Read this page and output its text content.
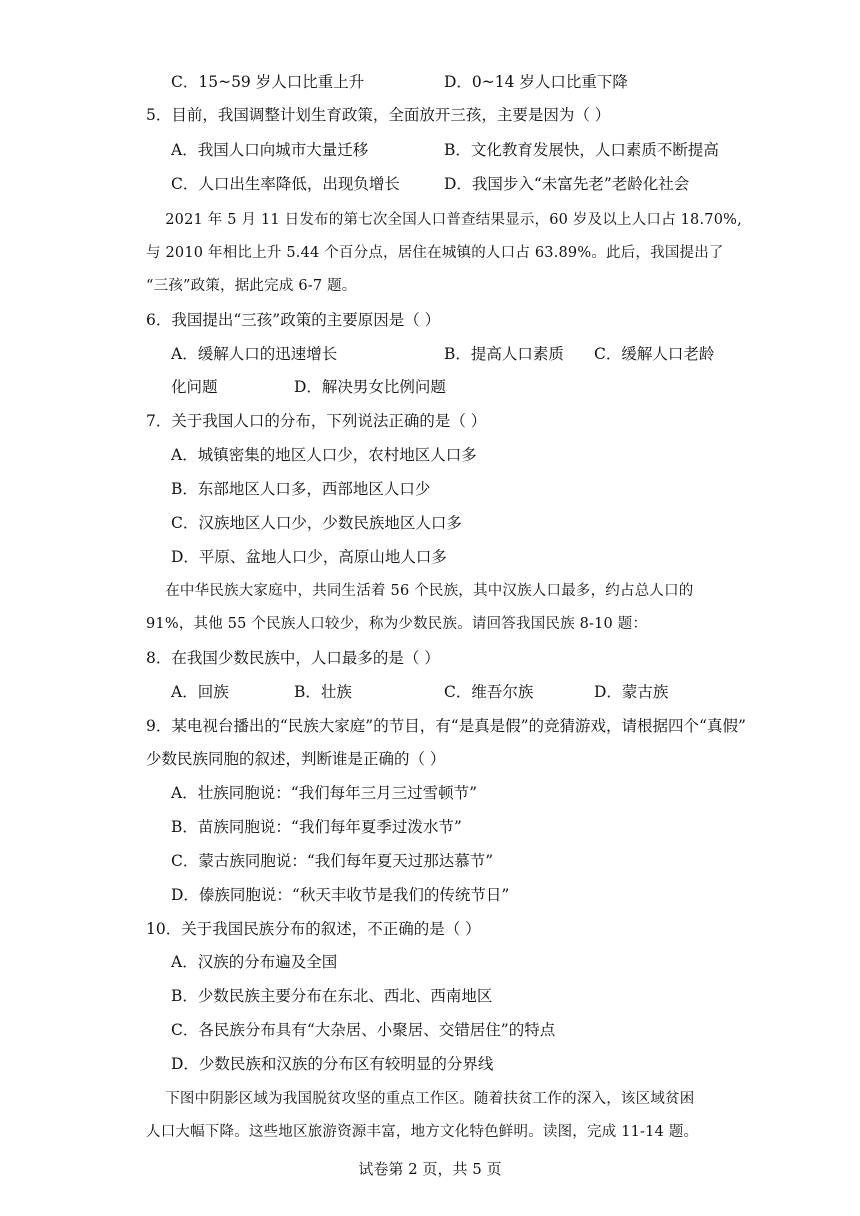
C．15~59 岁人口比重上升	D．0~14 岁人口比重下降
5．目前，我国调整计划生育政策，全面放开三孩，主要是因为（ ）
A．我国人口向城市大量迁移	B．文化教育发展快，人口素质不断提高
C．人口出生率降低，出现负增长	D．我国步入“未富先老”老龄化社会
2021 年 5 月 11 日发布的第七次全国人口普查结果显示，60 岁及以上人口占 18.70%,
与 2010 年相比上升 5.44 个百分点，居住在城镇的人口占 63.89%。此后，我国提出了
“三孩”政策，据此完成 6-7 题。
6．我国提出“三孩”政策的主要原因是（ ）
A．缓解人口的迅速增长	B．提高人口素质 C．缓解人口老龄
化问题	D．解决男女比例问题
7．关于我国人口的分布，下列说法正确的是（ ）
A．城镇密集的地区人口少，农村地区人口多
B．东部地区人口多，西部地区人口少
C．汉族地区人口少，少数民族地区人口多
D．平原、盆地人口少，高原山地人口多
在中华民族大家庭中，共同生活着 56 个民族，其中汉族人口最多，约占总人口的
91%，其他 55 个民族人口较少，称为少数民族。请回答我国民族 8-10 题：
8．在我国少数民族中，人口最多的是（ ）
A．回族	B．壮族	C．维吾尔族	D．蒙古族
9．某电视台播出的“民族大家庭”的节目，有“是真是假”的竞猜游戏，请根据四个“真假”
少数民族同胞的叙述，判断谁是正确的（ ）
A．壮族同胞说：“我们每年三月三过雪顿节”
B．苗族同胞说：“我们每年夏季过泼水节”
C．蒙古族同胞说：“我们每年夏天过那达慕节”
D．傣族同胞说：“秋天丰收节是我们的传统节日”
10．关于我国民族分布的叙述，不正确的是（ ）
A．汉族的分布遍及全国
B．少数民族主要分布在东北、西北、西南地区
C．各民族分布具有“大杂居、小聚居、交错居住”的特点
D．少数民族和汉族的分布区有较明显的分界线
下图中阴影区域为我国脱贫攻坚的重点工作区。随着扶贫工作的深入，该区域贫困
人口大幅下降。这些地区旅游资源丰富，地方文化特色鲜明。读图，完成 11-14 题。
试卷第 2 页，共 5 页
